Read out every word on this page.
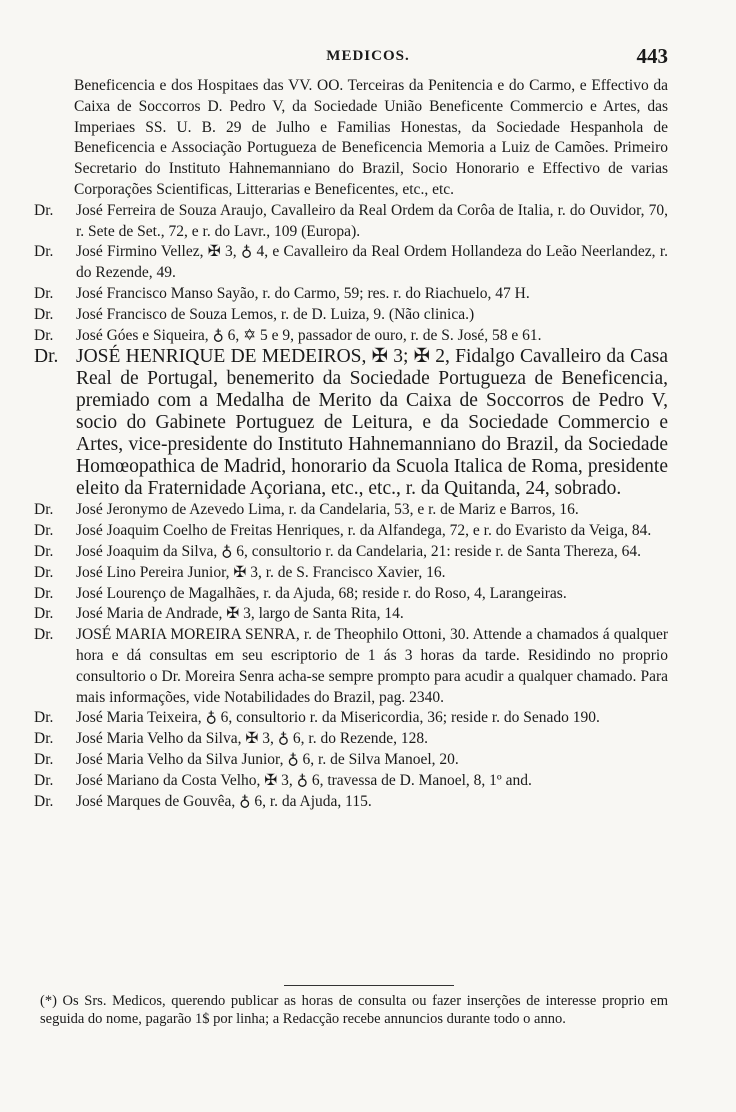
MEDICOS.	443
Beneficencia e dos Hospitaes das VV. OO. Terceiras da Penitencia e do Carmo, e Effectivo da Caixa de Soccorros D. Pedro V, da Sociedade União Beneficente Commercio e Artes, das Imperiaes SS. U. B. 29 de Julho e Familias Honestas, da Sociedade Hespanhola de Beneficencia e Associação Portugueza de Beneficencia Memoria a Luiz de Camões. Primeiro Secretario do Instituto Hahnemanniano do Brazil, Socio Honorario e Effectivo de varias Corporações Scientificas, Litterarias e Beneficentes, etc., etc.
Dr. José Ferreira de Souza Araujo, Cavalleiro da Real Ordem da Corôa de Italia, r. do Ouvidor, 70, r. Sete de Set., 72, e r. do Lavr., 109 (Europa).
Dr. José Firmino Vellez, ✠ 3, ♁ 4, e Cavalleiro da Real Ordem Hollandeza do Leão Neerlandez, r. do Rezende, 49.
Dr. José Francisco Manso Sayão, r. do Carmo, 59; res. r. do Riachuelo, 47 H.
Dr. José Francisco de Souza Lemos, r. de D. Luiza, 9. (Não clinica.)
Dr. José Góes e Siqueira, ♁ 6, ✡ 5 e 9, passador de ouro, r. de S. José, 58 e 61.
Dr. JOSÉ HENRIQUE DE MEDEIROS, ✠ 3; ✠ 2, Fidalgo Cavalleiro da Casa Real de Portugal, benemerito da Sociedade Portugueza de Beneficencia, premiado com a Medalha de Merito da Caixa de Soccorros de Pedro V, socio do Gabinete Portuguez de Leitura, e da Sociedade Commercio e Artes, vice-presidente do Instituto Hahnemanniano do Brazil, da Sociedade Homœopathica de Madrid, honorario da Scuola Italica de Roma, presidente eleito da Fraternidade Açoriana, etc., etc., r. da Quitanda, 24, sobrado.
Dr. José Jeronymo de Azevedo Lima, r. da Candelaria, 53, e r. de Mariz e Barros, 16.
Dr. José Joaquim Coelho de Freitas Henriques, r. da Alfandega, 72, e r. do Evaristo da Veiga, 84.
Dr. José Joaquim da Silva, ♁ 6, consultorio r. da Candelaria, 21: reside r. de Santa Thereza, 64.
Dr. José Lino Pereira Junior, ✠ 3, r. de S. Francisco Xavier, 16.
Dr. José Lourenço de Magalhães, r. da Ajuda, 68; reside r. do Roso, 4, Larangeiras.
Dr. José Maria de Andrade, ✠ 3, largo de Santa Rita, 14.
Dr. JOSÉ MARIA MOREIRA SENRA, r. de Theophilo Ottoni, 30. Attende a chamados á qualquer hora e dá consultas em seu escriptorio de 1 ás 3 horas da tarde. Residindo no proprio consultorio o Dr. Moreira Senra acha-se sempre prompto para acudir a qualquer chamado. Para mais informações, vide Notabilidades do Brazil, pag. 2340.
Dr. José Maria Teixeira, ♁ 6, consultorio r. da Misericordia, 36; reside r. do Senado 190.
Dr. José Maria Velho da Silva, ✠ 3, ♁ 6, r. do Rezende, 128.
Dr. José Maria Velho da Silva Junior, ♁ 6, r. de Silva Manoel, 20.
Dr. José Mariano da Costa Velho, ✠ 3, ♁ 6, travessa de D. Manoel, 8, 1º and.
Dr. José Marques de Gouvêa, ♁ 6, r. da Ajuda, 115.
(*) Os Srs. Medicos, querendo publicar as horas de consulta ou fazer inserções de interesse proprio em seguida do nome, pagarão 1$ por linha; a Redacção recebe annuncios durante todo o anno.
